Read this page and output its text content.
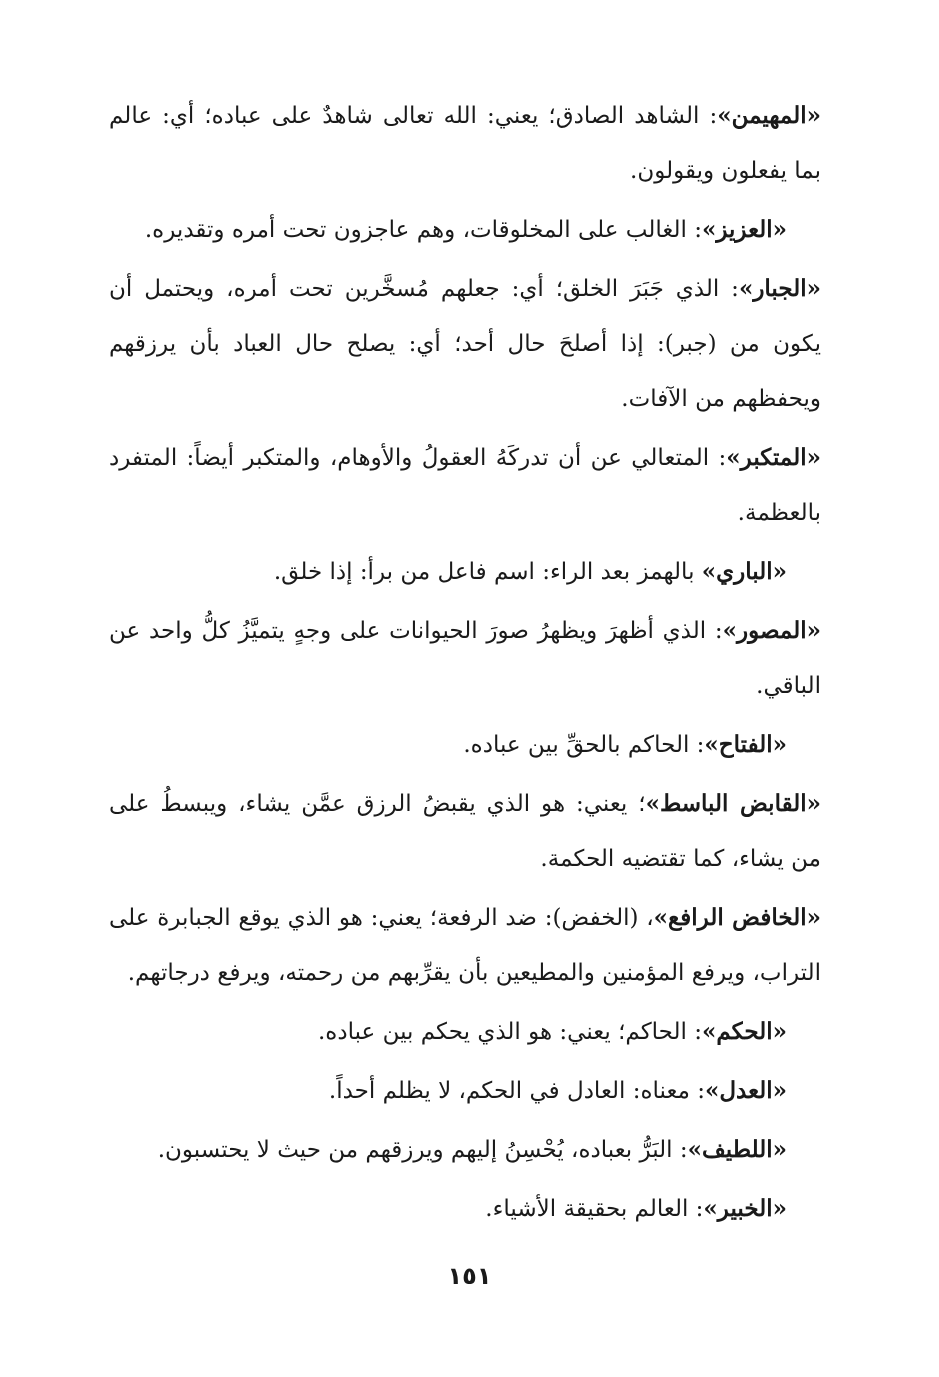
«المهيمن»: الشاهد الصادق؛ يعني: الله تعالى شاهدٌ على عباده؛ أي: عالم بما يفعلون ويقولون.

«العزيز»: الغالب على المخلوقات، وهم عاجزون تحت أمره وتقديره.

«الجبار»: الذي جَبَرَ الخلق؛ أي: جعلهم مُسخَّرين تحت أمره، ويحتمل أن يكون من (جبر): إذا أصلحَ حال أحد؛ أي: يصلح حال العباد بأن يرزقهم ويحفظهم من الآفات.

«المتكبر»: المتعالي عن أن تدركَهُ العقولُ والأوهام، والمتكبر أيضاً: المتفرد بالعظمة.

«الباري» بالهمز بعد الراء: اسم فاعل من برأ: إذا خلق.

«المصور»: الذي أظهرَ ويظهرُ صورَ الحيوانات على وجهٍ يتميَّزُ كلُّ واحد عن الباقي.

«الفتاح»: الحاكم بالحقِّ بين عباده.

«القابض الباسط»؛ يعني: هو الذي يقبضُ الرزق عمَّن يشاء، ويبسطُ على من يشاء، كما تقتضيه الحكمة.

«الخافض الرافع»، (الخفض): ضد الرفعة؛ يعني: هو الذي يوقع الجبابرة على التراب، ويرفع المؤمنين والمطيعين بأن يقرِّبهم من رحمته، ويرفع درجاتهم.

«الحكم»: الحاكم؛ يعني: هو الذي يحكم بين عباده.

«العدل»: معناه: العادل في الحكم، لا يظلم أحداً.

«اللطيف»: البَرُّ بعباده، يُحْسِنُ إليهم ويرزقهم من حيث لا يحتسبون.

«الخبير»: العالم بحقيقة الأشياء.

١٥١
